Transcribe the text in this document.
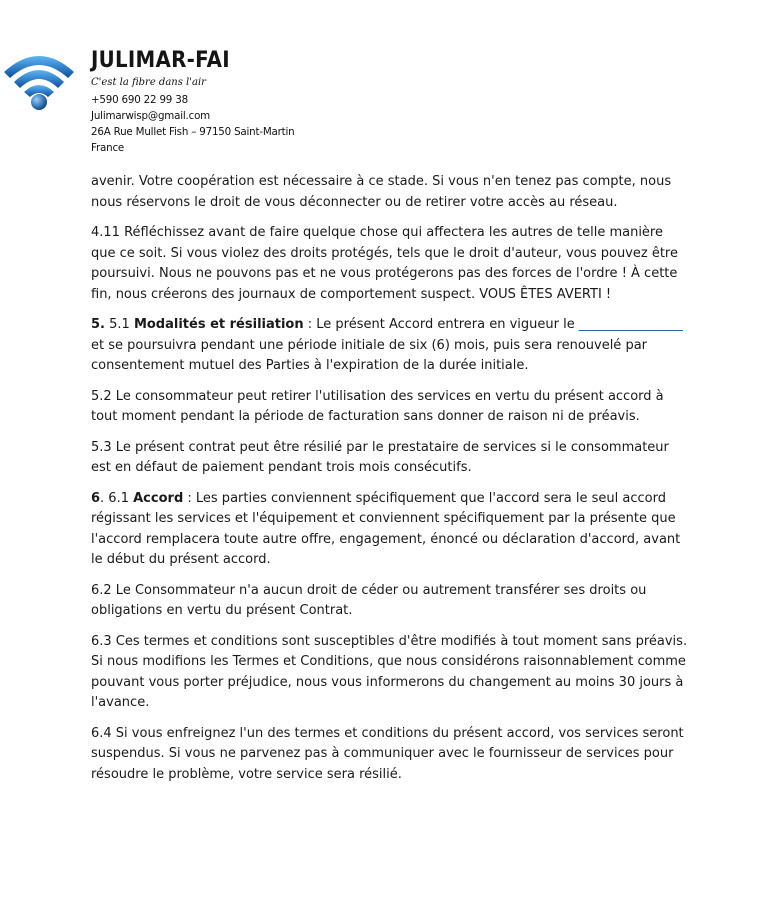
JULIMAR-FAI
C'est la fibre dans l'air
+590 690 22 99 38
Julimarwisp@gmail.com
26A Rue Mullet Fish – 97150 Saint-Martin
France

avenir. Votre coopération est nécessaire à ce stade. Si vous n'en tenez pas compte, nous nous réservons le droit de vous déconnecter ou de retirer votre accès au réseau.

4.11 Réfléchissez avant de faire quelque chose qui affectera les autres de telle manière que ce soit. Si vous violez des droits protégés, tels que le droit d'auteur, vous pouvez être poursuivi. Nous ne pouvons pas et ne vous protégerons pas des forces de l'ordre ! À cette fin, nous créerons des journaux de comportement suspect. VOUS ÊTES AVERTI !

5. 5.1 Modalités et résiliation : Le présent Accord entrera en vigueur le ________________ et se poursuivra pendant une période initiale de six (6) mois, puis sera renouvelé par consentement mutuel des Parties à l'expiration de la durée initiale.

5.2 Le consommateur peut retirer l'utilisation des services en vertu du présent accord à tout moment pendant la période de facturation sans donner de raison ni de préavis.

5.3 Le présent contrat peut être résilié par le prestataire de services si le consommateur est en défaut de paiement pendant trois mois consécutifs.

6. 6.1 Accord : Les parties conviennent spécifiquement que l'accord sera le seul accord régissant les services et l'équipement et conviennent spécifiquement par la présente que l'accord remplacera toute autre offre, engagement, énoncé ou déclaration d'accord, avant le début du présent accord.

6.2 Le Consommateur n'a aucun droit de céder ou autrement transférer ses droits ou obligations en vertu du présent Contrat.

6.3 Ces termes et conditions sont susceptibles d'être modifiés à tout moment sans préavis. Si nous modifions les Termes et Conditions, que nous considérons raisonnablement comme pouvant vous porter préjudice, nous vous informerons du changement au moins 30 jours à l'avance.

6.4 Si vous enfreignez l'un des termes et conditions du présent accord, vos services seront suspendus. Si vous ne parvenez pas à communiquer avec le fournisseur de services pour résoudre le problème, votre service sera résilié.
